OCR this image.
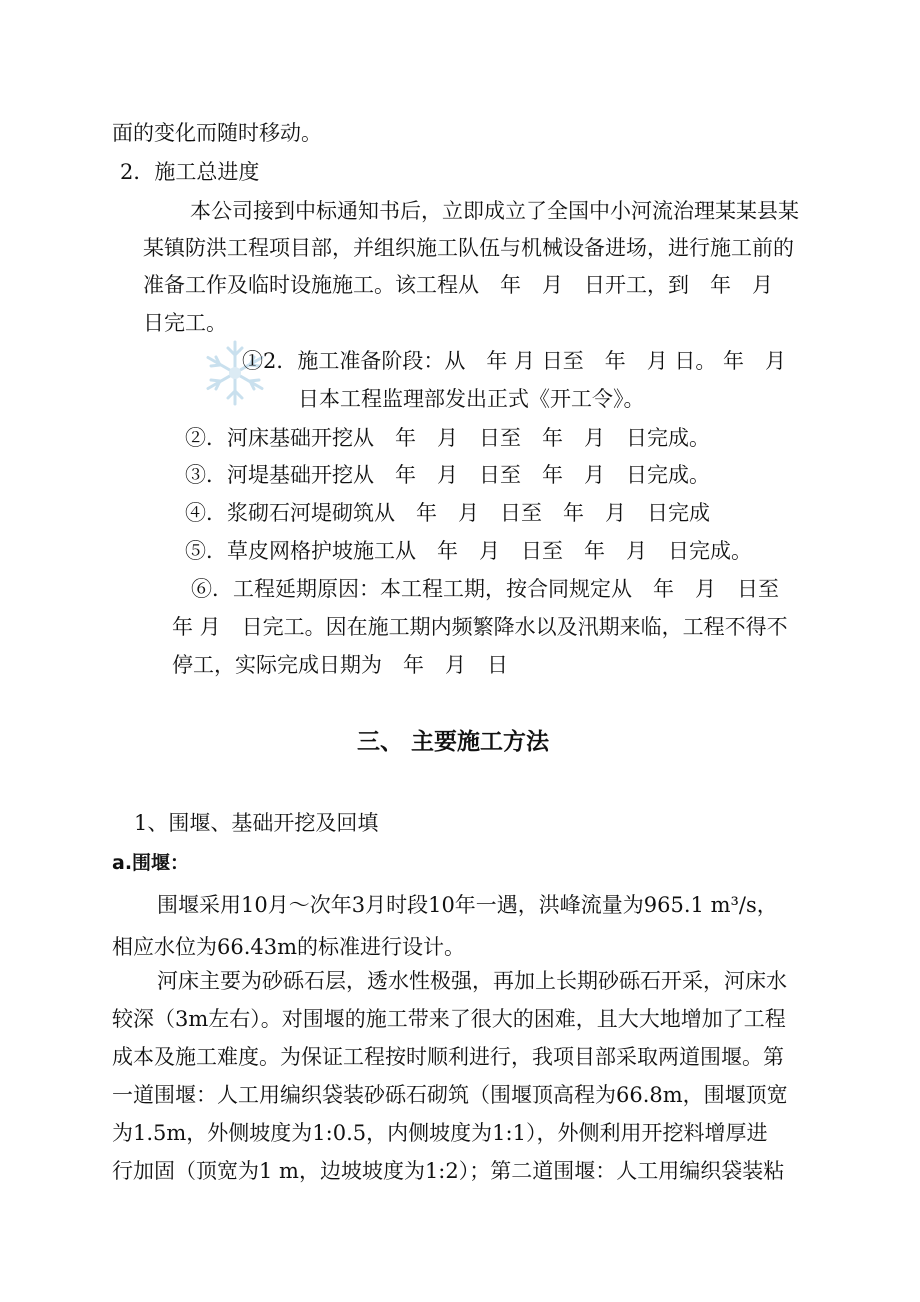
面的变化而随时移动。
2．施工总进度
本公司接到中标通知书后，立即成立了全国中小河流治理某某县某
某镇防洪工程项目部，并组织施工队伍与机械设备进场，进行施工前的
准备工作及临时设施施工。该工程从　年　月　日开工，到　年　月
日完工。
①2．施工准备阶段：从　年 月 日至　年　月 日。 年　月
日本工程监理部发出正式《开工令》。
②．河床基础开挖从　年　月　日至　年　月　日完成。
③．河堤基础开挖从　年　月　日至　年　月　日完成。
④．浆砌石河堤砌筑从　年　月　日至　年　月　日完成
⑤．草皮网格护坡施工从　年　月　日至　年　月　日完成。
⑥．工程延期原因：本工程工期，按合同规定从　年　月　日至
年 月　日完工。因在施工期内频繁降水以及汛期来临，工程不得不
停工，实际完成日期为　年　月　日
三、 主要施工方法
1、围堰、基础开挖及回填
a.围堰：
围堰采用10月～次年3月时段10年一遇，洪峰流量为965.1 m³/s，
相应水位为66.43m的标准进行设计。
河床主要为砂砾石层，透水性极强，再加上长期砂砾石开采，河床水
较深（3m左右）。对围堰的施工带来了很大的困难，且大大地增加了工程
成本及施工难度。为保证工程按时顺利进行，我项目部采取两道围堰。第
一道围堰：人工用编织袋装砂砾石砌筑（围堰顶高程为66.8m，围堰顶宽
为1.5m，外侧坡度为1:0.5，内侧坡度为1:1），外侧利用开挖料增厚进
行加固（顶宽为1 m，边坡坡度为1:2）；第二道围堰：人工用编织袋装粘
